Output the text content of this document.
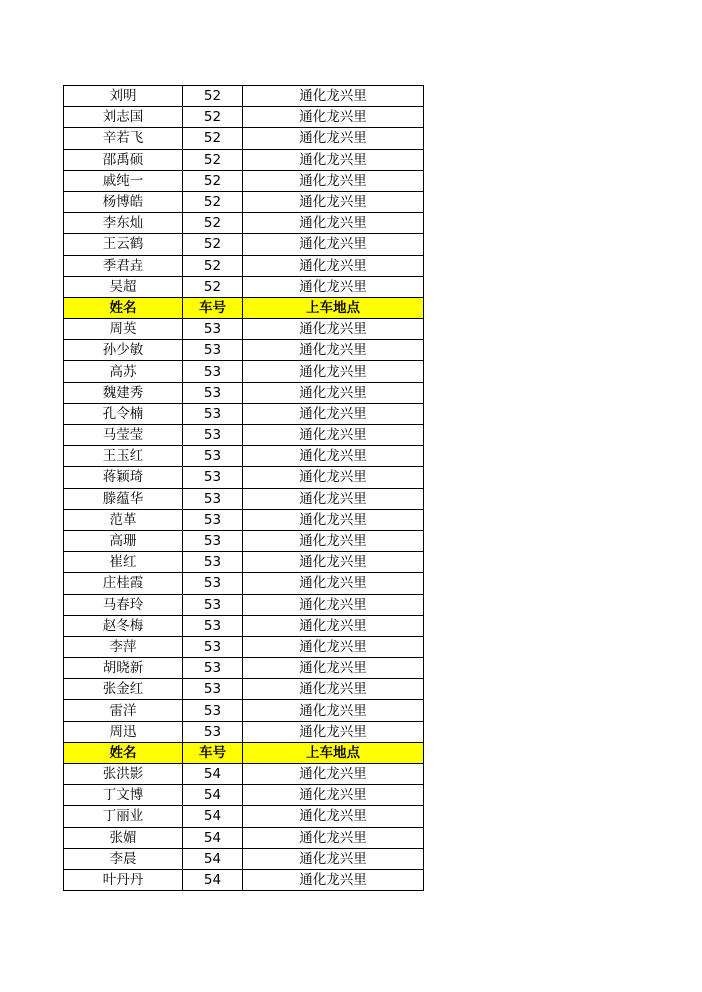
刘明	52	通化龙兴里
刘志国	52	通化龙兴里
辛若飞	52	通化龙兴里
邵禹硕	52	通化龙兴里
戚纯一	52	通化龙兴里
杨博皓	52	通化龙兴里
李东灿	52	通化龙兴里
王云鹤	52	通化龙兴里
季君垚	52	通化龙兴里
吴超	52	通化龙兴里
姓名	车号	上车地点
周英	53	通化龙兴里
孙少敏	53	通化龙兴里
高苏	53	通化龙兴里
魏建秀	53	通化龙兴里
孔令楠	53	通化龙兴里
马莹莹	53	通化龙兴里
王玉红	53	通化龙兴里
蒋颖琦	53	通化龙兴里
滕蕴华	53	通化龙兴里
范革	53	通化龙兴里
高珊	53	通化龙兴里
崔红	53	通化龙兴里
庄桂霞	53	通化龙兴里
马春玲	53	通化龙兴里
赵冬梅	53	通化龙兴里
李萍	53	通化龙兴里
胡晓新	53	通化龙兴里
张金红	53	通化龙兴里
雷洋	53	通化龙兴里
周迅	53	通化龙兴里
姓名	车号	上车地点
张洪影	54	通化龙兴里
丁文博	54	通化龙兴里
丁丽业	54	通化龙兴里
张媚	54	通化龙兴里
李晨	54	通化龙兴里
叶丹丹	54	通化龙兴里
